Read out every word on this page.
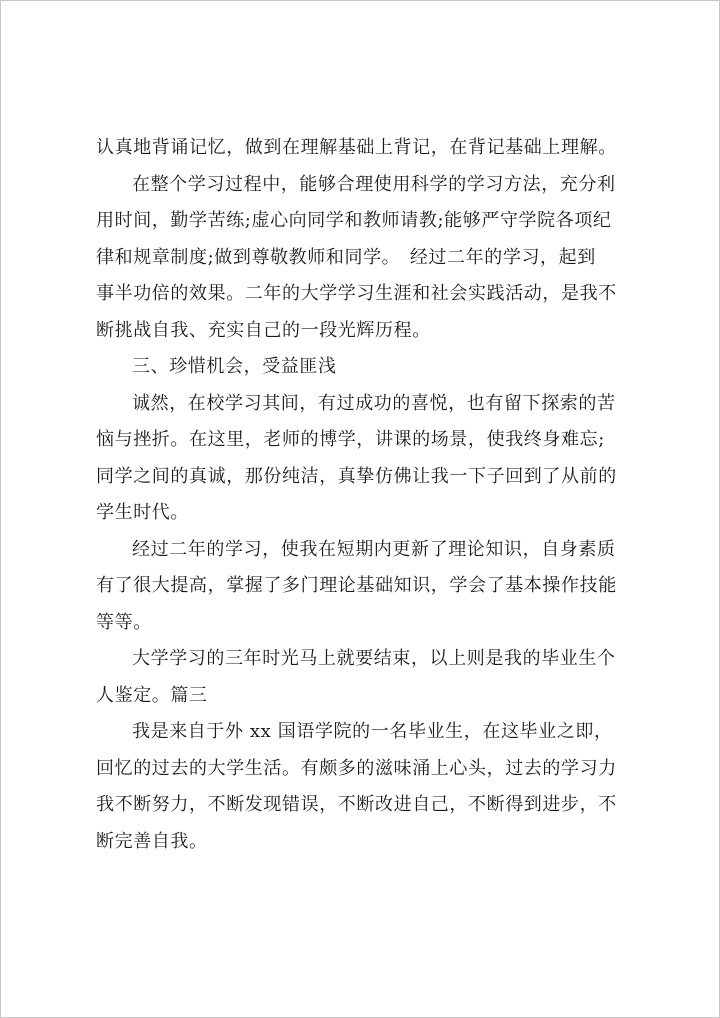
认真地背诵记忆，做到在理解基础上背记，在背记基础上理解。
在整个学习过程中，能够合理使用科学的学习方法，充分利
用时间，勤学苦练;虚心向同学和教师请教;能够严守学院各项纪
律和规章制度;做到尊敬教师和同学。　经过二年的学习，起到
事半功倍的效果。二年的大学学习生涯和社会实践活动，是我不
断挑战自我、充实自己的一段光辉历程。
三、珍惜机会，受益匪浅
诚然，在校学习其间，有过成功的喜悦，也有留下探索的苦
恼与挫折。在这里，老师的博学，讲课的场景，使我终身难忘;
同学之间的真诚，那份纯洁，真挚仿佛让我一下子回到了从前的
学生时代。
经过二年的学习，使我在短期内更新了理论知识，自身素质
有了很大提高，掌握了多门理论基础知识，学会了基本操作技能
等等。
大学学习的三年时光马上就要结束，以上则是我的毕业生个
人鉴定。篇三
我是来自于外 xx 国语学院的一名毕业生，在这毕业之即，
回忆的过去的大学生活。有颇多的滋味涌上心头，过去的学习力
我不断努力，不断发现错误，不断改进自己，不断得到进步，不
断完善自我。
